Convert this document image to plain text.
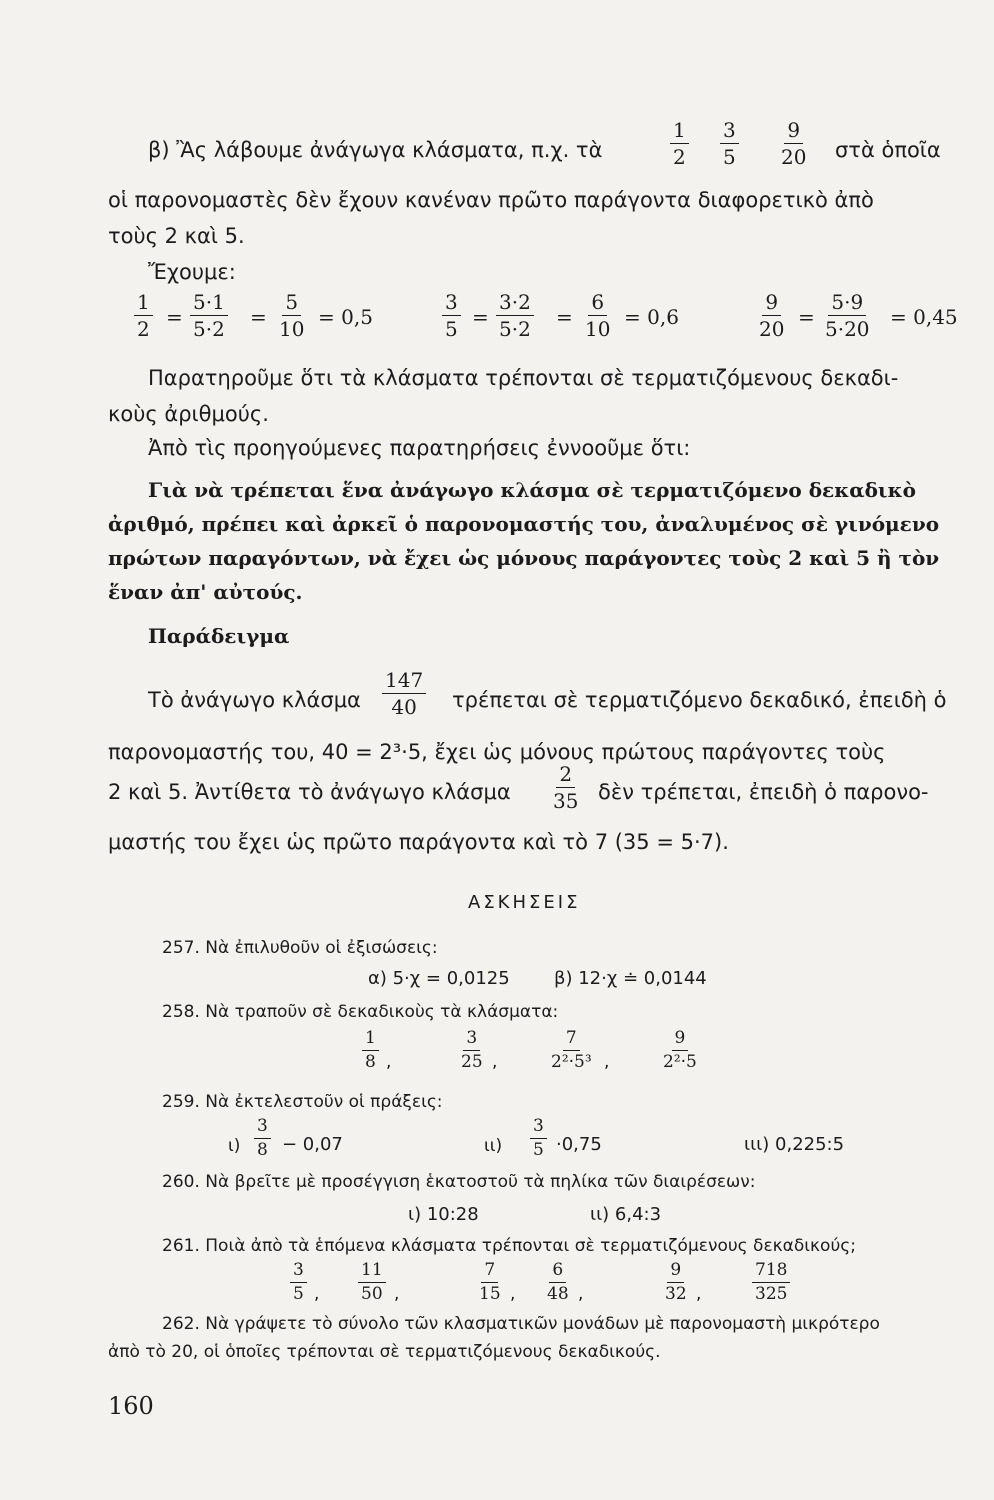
β) Ἂς λάβουμε ἀνάγωγα κλάσματα, π.χ. τὰ
1
2
3
5
9
20 στὰ ὁποῖα
οἱ παρονομαστὲς δὲν ἔχουν κανέναν πρῶτο παράγοντα διαφορετικὸ ἀπὸ
τοὺς 2 καὶ 5.
Ἔχουμε:
1
2 =
5·1
5·2 =
5
10 = 0,5
3
5 =
3·2
5·2 =
6
10 = 0,6
9
20 =
5·9
5·20 = 0,45
Παρατηροῦμε ὅτι τὰ κλάσματα τρέπονται σὲ τερματιζόμενους δεκαδι-
κοὺς ἀριθμούς.
Ἀπὸ τὶς προηγούμενες παρατηρήσεις ἐννοοῦμε ὅτι:
Γιὰ νὰ τρέπεται ἕνα ἀνάγωγο κλάσμα σὲ τερματιζόμενο δεκαδικὸ
ἀριθμό, πρέπει καὶ ἀρκεῖ ὁ παρονομαστής του, ἀναλυμένος σὲ γινόμενο
πρώτων παραγόντων, νὰ ἔχει ὡς μόνους παράγοντες τοὺς 2 καὶ 5 ἢ τὸν
ἕναν ἀπ' αὐτούς.
Παράδειγμα
Τὸ ἀνάγωγο κλάσμα
147
40 τρέπεται σὲ τερματιζόμενο δεκαδικό, ἐπειδὴ ὁ
παρονομαστής του, 40 = 2³·5, ἔχει ὡς μόνους πρώτους παράγοντες τοὺς
2 καὶ 5. Ἀντίθετα τὸ ἀνάγωγο κλάσμα
2
35 δὲν τρέπεται, ἐπειδὴ ὁ παρονο-
μαστής του ἔχει ὡς πρῶτο παράγοντα καὶ τὸ 7 (35 = 5·7).
ΑΣΚΗΣΕΙΣ
257. Νὰ ἐπιλυθοῦν οἱ ἐξισώσεις:
α) 5·χ = 0,0125 β) 12·χ ≐ 0,0144
258. Νὰ τραποῦν σὲ δεκαδικοὺς τὰ κλάσματα:
1
8 ,
3
25 ,
7
2²·5³ ,
9
2²·5
259. Νὰ ἐκτελεστοῦν οἱ πράξεις:
ι)
3
8 − 0,07	ιι)
3
5 ·0,75	ιιι) 0,225:5
260. Νὰ βρεῖτε μὲ προσέγγιση ἑκατοστοῦ τὰ πηλίκα τῶν διαιρέσεων:
ι) 10:28	ιι) 6,4:3
261. Ποιὰ ἀπὸ τὰ ἑπόμενα κλάσματα τρέπονται σὲ τερματιζόμενους δεκαδικούς;
3
5 ,
11
50 ,
7
15 ,
6
48 ,
9
32 ,
718
325
262. Νὰ γράψετε τὸ σύνολο τῶν κλασματικῶν μονάδων μὲ παρονομαστὴ μικρότερο
ἀπὸ τὸ 20, οἱ ὁποῖες τρέπονται σὲ τερματιζόμενους δεκαδικούς.
160
